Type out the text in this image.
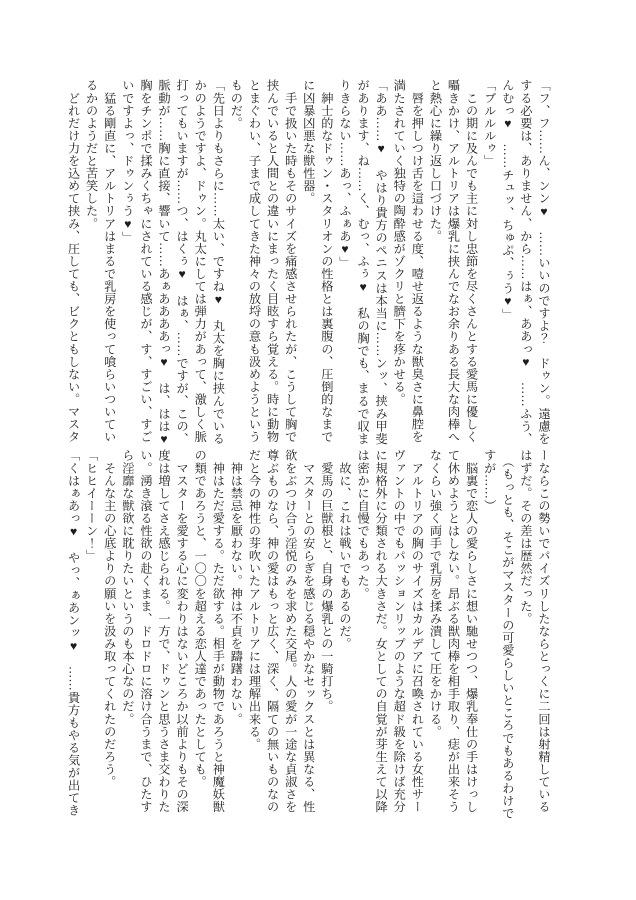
「フ、フ……ん、ンン♥　……いいのですよ？　ドゥン。遠慮を
する必要は、ありません、から……はぁ、ああっ♥　……ふう、
んむっ♥　……チュッ、ちゅぷ、ぅう♥」
「ブルルルゥ」
　この期に及んでも主に対し忠節を尽くさんとする愛馬に優しく
囁きかけ、アルトリアは爆乳に挟んでなお余りある長大な肉棒へ
と熱心に繰り返し口づけた。
　唇を押しつけ舌を這わせる度、噎せ返るような獣臭さに鼻腔を
満たされていく独特の陶酔感がゾクリと臍下を疼かせる。
「ああ……♥　やはり貴方のペニスは本当に……ンッ、挟み甲斐
があります、ね……く、むっ、ふぅ♥　私の胸でも、まるで収ま
りきらない……あっ、ふぁあ♥」
　紳士的なドゥン・スタリオンの性格とは裏腹の、圧倒的なまで
に凶暴凶悪な獣性器。
　手で扱いた時もそのサイズを痛感させられたが、こうして胸で
挟んでいると人間との違いにまったく目眩すら覚える。時に動物
とまぐわい、子まで成してきた神々の放埒の意も汲めようという
ものだ。
「先日よりもさらに……太い、ですね♥　丸太を胸に挟んでいる
かのようですよ、ドゥン。丸太にしては弾力があって、激しく脈
打ってもいますが……つ、はくぅ♥　はぁ、……ですが、この、
脈動が……胸に直接、響いて……あぁああああっ♥　は、はは♥
胸をチンポで揉みくちゃにされている感じが、す、すごい、すご
いですよっ、ドゥンぅう♥」
　猛る剛直に、アルトリアはまるで乳房を使って喰らいついてい
るかのようだと苦笑した。
　どれだけ力を込めて挟み、圧しても、ビクともしない。マスタ
ーならこの勢いでパイズリしたならとっくに二回は射精している
はずだ。その差は歴然だった。
　（もっとも、そこがマスターの可愛らしいところでもあるわけで
すが……）
　脳裏で恋人の愛らしさに想い馳せつつ、爆乳奉仕の手はけっし
て休めようとはしない。昂ぶる獣肉棒を相手取り、痣が出来そう
なくらい強く両手で乳房を揉み潰して圧をかける。
　アルトリアの胸のサイズはカルデアに召喚されている女性サー
ヴァントの中でもパッションリップのような超ド級を除けば充分
に規格外に分類される大きさだ。女としての自覚が芽生えて以降
は密かに自慢でもあった。
　故に、これは戦いでもあるのだ。
　愛馬の巨獣根と、自身の爆乳との一騎打ち。
　マスターとの安らぎを感じる穏やかなセックスとは異なる、性
欲をぶつけ合う淫悦のみを求めた交尾。人の愛が一途な貞淑さを
尊ぶものなら、神の愛はもっと広く、深く、隔ての無いものなの
だと今の神性の芽吹いたアルトリアには理解出来る。
　神は禁忌を厭わない。神は不貞を躊躇わない。
　神はただ愛する。ただ欲する。相手が動物であろうと神魔妖獣
の類であろうと、一〇〇を超える恋人達であったとしても。
　マスターを愛する心に変わりはないどころか以前よりもその深
度は増してさえ感じられる。一方で、ドゥンと思うさま交わりた
い。湧き滾る性欲の赴くまま、ドロドロに溶け合うまで、ひたす
ら淫靡な獣欲に耽りたいというのも本心なのだ。
　そんな主の心底よりの願いを汲み取ってくれたのだろう。
「ヒヒイーーン！」
「くはぁあっ♥　やっ、ぁあンッ♥　……貴方もやる気が出てき
